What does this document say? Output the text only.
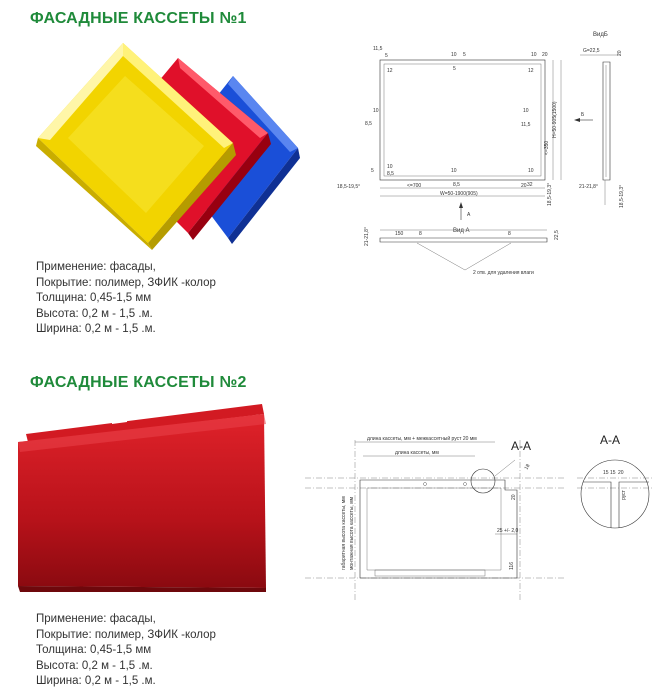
ФАСАДНЫЕ КАССЕТЫ №1
11,5
5	10 5	10 20
12	12
5
8,5
10	10
11,5	H=50-905(1500)
<=350
5
10
8,5	10	10
8,5	20 32
<=700
W=50-1900(905)
18,5-19,5°	18,5-19,3°
А
Б
ВидБ
G=22,5	20
21-21,8°	18,5-19,3°
Вид А
150	8	8	22,5
21-21,8°
2 отв. для удаления влаги
Применение: фасады,
Покрытие: полимер, ЗФИК -колор
Толщина: 0,45-1,5 мм
Высота: 0,2 м - 1,5 .м.
Ширина: 0,2 м - 1,5 .м.
ФАСАДНЫЕ КАССЕТЫ №2
длина кассеты, мм + межкассетный руст 20 мм
длина кассеты, мм	А-А
18
габаритная высота кассеты, мм монтажная высота кассеты, мм	20
25 +/- 2,0
116
А-А
15 15 20
руст
Применение: фасады,
Покрытие: полимер, ЗФИК -колор
Толщина: 0,45-1,5 мм
Высота: 0,2 м - 1,5 .м.
Ширина: 0,2 м - 1,5 .м.
